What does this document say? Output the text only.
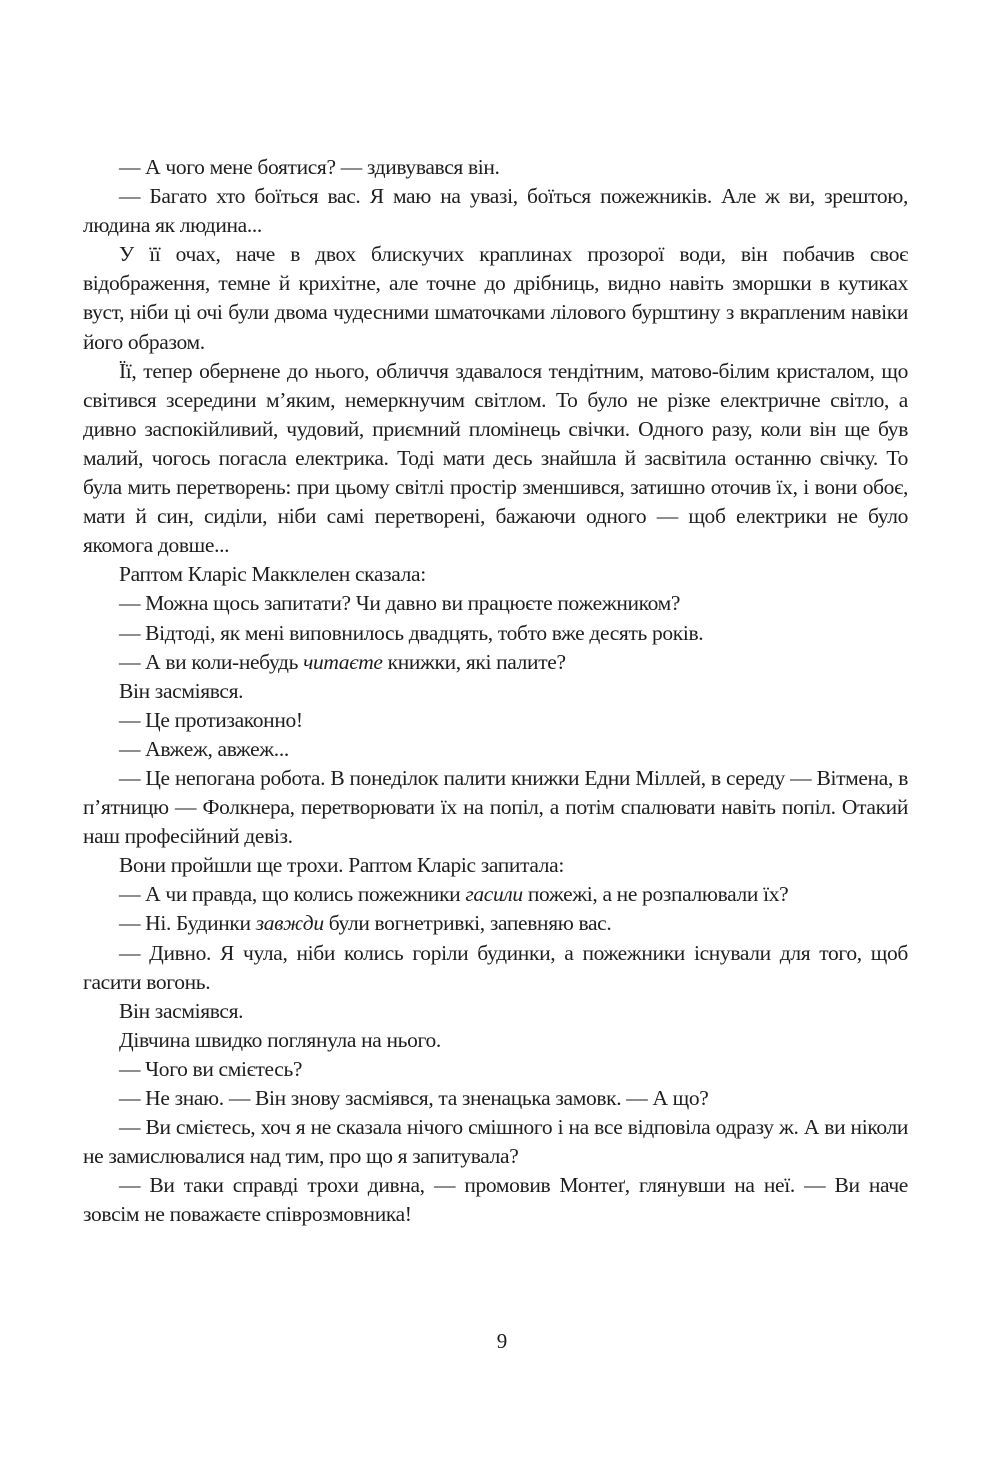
— А чого мене боятися? — здивувався він.

— Багато хто боїться вас. Я маю на увазі, боїться пожежників. Але ж ви, зрештою, людина як людина...

У її очах, наче в двох блискучих краплинах прозорої води, він побачив своє відображення, темне й крихітне, але точне до дрібниць, видно навіть зморшки в кутиках вуст, ніби ці очі були двома чудесними шматочками лілового бурштину з вкрапленим навіки його образом.

Її, тепер обернене до нього, обличчя здавалося тендітним, матово-білим кристалом, що світився зсередини м’яким, немеркнучим світлом. То було не різке електричне світло, а дивно заспокійливий, чудовий, приємний пломінець свічки. Одного разу, коли він ще був малий, чогось погасла електрика. Тоді мати десь знайшла й засвітила останню свічку. То була мить перетворень: при цьому світлі простір зменшився, затишно оточив їх, і вони обоє, мати й син, сиділи, ніби самі перетворені, бажаючи одного — щоб електрики не було якомога довше...

Раптом Кларіс Макклелен сказала:

— Можна щось запитати? Чи давно ви працюєте пожежником?

— Відтоді, як мені виповнилось двадцять, тобто вже десять років.

— А ви коли-небудь читаєте книжки, які палите?

Він засміявся.

— Це протизаконно!

— Авжеж, авжеж...

— Це непогана робота. В понеділок палити книжки Едни Міллей, в середу — Вітмена, в п’ятницю — Фолкнера, перетворювати їх на попіл, а потім спалювати навіть попіл. Отакий наш професійний девіз.

Вони пройшли ще трохи. Раптом Кларіс запитала:

— А чи правда, що колись пожежники гасили пожежі, а не розпалювали їх?

— Ні. Будинки завжди були вогнетривкі, запевняю вас.

— Дивно. Я чула, ніби колись горіли будинки, а пожежники існували для того, щоб гасити вогонь.

Він засміявся.

Дівчина швидко поглянула на нього.

— Чого ви смієтесь?

— Не знаю. — Він знову засміявся, та зненацька замовк. — А що?

— Ви смієтесь, хоч я не сказала нічого смішного і на все відповіла одразу ж. А ви ніколи не замислювалися над тим, про що я запитувала?

— Ви таки справді трохи дивна, — промовив Монтеґ, глянувши на неї. — Ви наче зовсім не поважаєте співрозмовника!

9
